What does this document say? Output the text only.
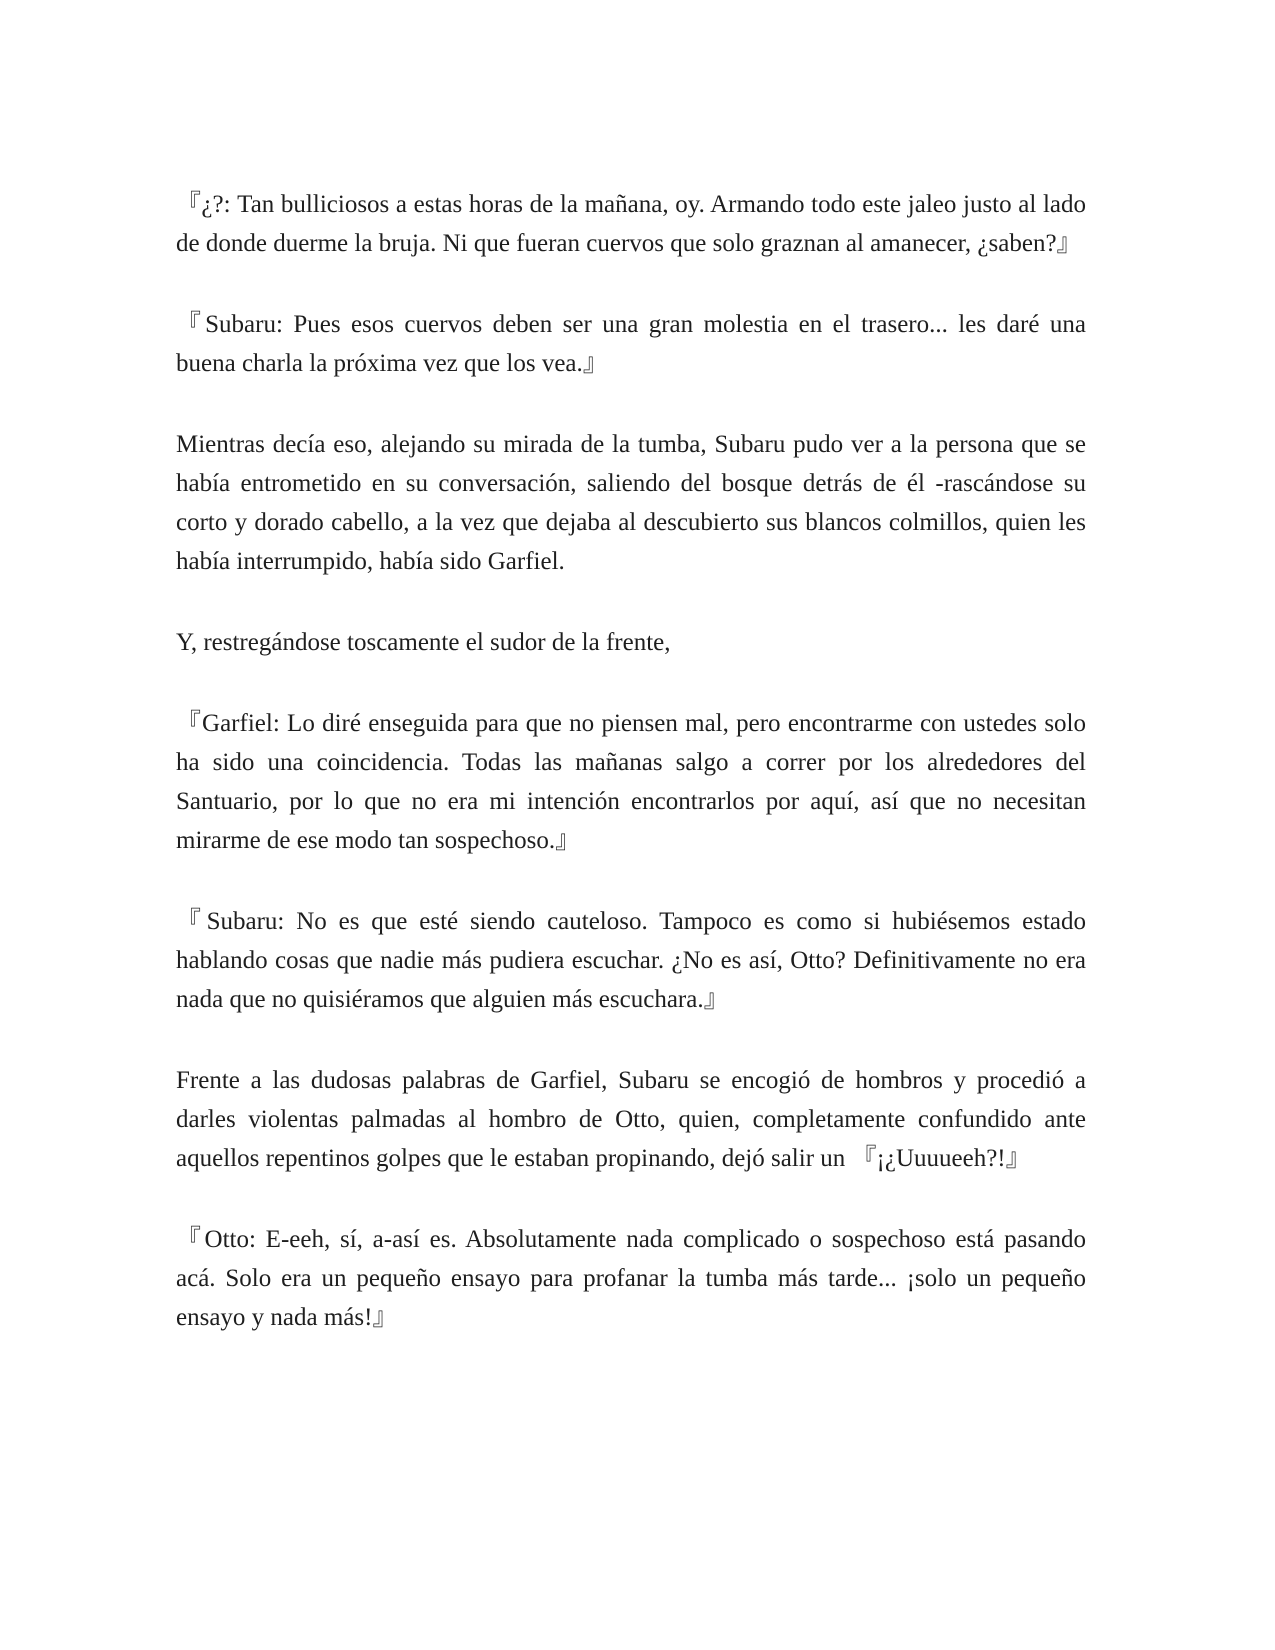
『¿?: Tan bulliciosos a estas horas de la mañana, oy. Armando todo este jaleo justo al lado de donde duerme la bruja. Ni que fueran cuervos que solo graznan al amanecer, ¿saben?』

『Subaru: Pues esos cuervos deben ser una gran molestia en el trasero... les daré una buena charla la próxima vez que los vea.』

Mientras decía eso, alejando su mirada de la tumba, Subaru pudo ver a la persona que se había entrometido en su conversación, saliendo del bosque detrás de él -rascándose su corto y dorado cabello, a la vez que dejaba al descubierto sus blancos colmillos, quien les había interrumpido, había sido Garfiel.

Y, restregándose toscamente el sudor de la frente,

『Garfiel: Lo diré enseguida para que no piensen mal, pero encontrarme con ustedes solo ha sido una coincidencia. Todas las mañanas salgo a correr por los alrededores del Santuario, por lo que no era mi intención encontrarlos por aquí, así que no necesitan mirarme de ese modo tan sospechoso.』

『Subaru: No es que esté siendo cauteloso. Tampoco es como si hubiésemos estado hablando cosas que nadie más pudiera escuchar. ¿No es así, Otto? Definitivamente no era nada que no quisiéramos que alguien más escuchara.』

Frente a las dudosas palabras de Garfiel, Subaru se encogió de hombros y procedió a darles violentas palmadas al hombro de Otto, quien, completamente confundido ante aquellos repentinos golpes que le estaban propinando, dejó salir un 『¡¿Uuuueeh?!』

『Otto: E-eeh, sí, a-así es. Absolutamente nada complicado o sospechoso está pasando acá. Solo era un pequeño ensayo para profanar la tumba más tarde... ¡solo un pequeño ensayo y nada más!』
